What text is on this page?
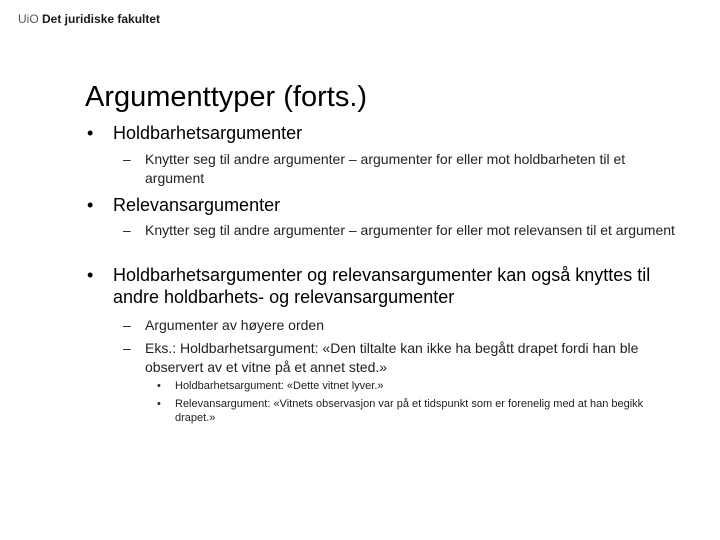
UiO Det juridiske fakultet
Argumenttyper (forts.)
• Holdbarhetsargumenter
– Knytter seg til andre argumenter – argumenter for eller mot holdbarheten til et argument
• Relevansargumenter
– Knytter seg til andre argumenter – argumenter for eller mot relevansen til et argument
• Holdbarhetsargumenter og relevansargumenter kan også knyttes til andre holdbarhets- og relevansargumenter
– Argumenter av høyere orden
– Eks.: Holdbarhetsargument: «Den tiltalte kan ikke ha begått drapet fordi han ble observert av et vitne på et annet sted.»
• Holdbarhetsargument: «Dette vitnet lyver.»
• Relevansargument: «Vitnets observasjon var på et tidspunkt som er forenelig med at han begikk drapet.»
